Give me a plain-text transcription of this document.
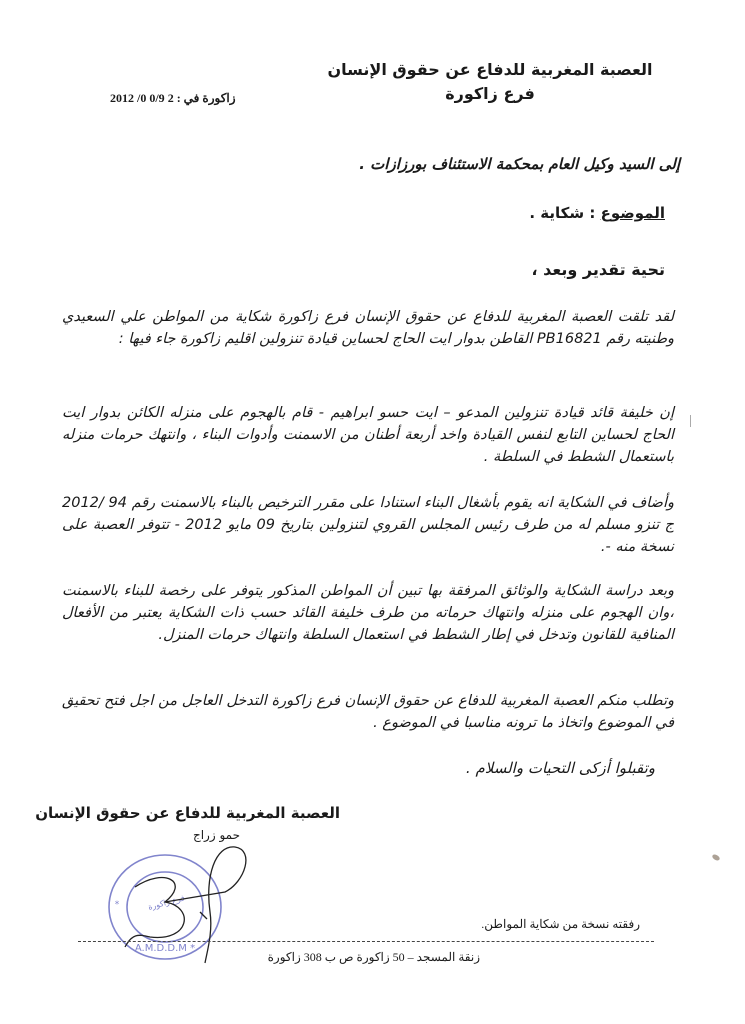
العصبة المغربية للدفاع عن حقوق الإنسان
فرع زاكورة
زاكورة في : 2 0/9 0/ 2012
إلى السيد وكيل العام بمحكمة الاستئناف بورزازات .
الموضوع : شكاية .
تحية تقدير وبعد ،
لقد تلقت العصبة المغربية للدفاع عن حقوق الإنسان فرع زاكورة شكاية من المواطن علي السعيدي وطنيته رقم PB16821 القاطن بدوار ايت الحاج لحساين قيادة تنزولين اقليم زاكورة جاء فيها :
إن خليفة قائد قيادة تنزولين المدعو – ايت حسو ابراهيم - قام بالهجوم على منزله الكائن بدوار ايت الحاج لحساين التابع لنفس القيادة واخد أربعة أطنان من الاسمنت وأدوات البناء ، وانتهك حرمات منزله باستعمال الشطط في السلطة .
وأضاف في الشكاية انه يقوم بأشغال البناء استنادا على مقرر الترخيص بالبناء بالاسمنت رقم 94 /2012 ج تنزو مسلم له من طرف رئيس المجلس القروي لتنزولين بتاريخ 09 مايو 2012 - تتوفر العصبة على نسخة منه -.
وبعد دراسة الشكاية والوثائق المرفقة بها تبين أن المواطن المذكور يتوفر على رخصة للبناء بالاسمنت ،وان الهجوم على منزله وانتهاك حرماته من طرف خليفة القائد حسب ذات الشكاية يعتبر من الأفعال المنافية للقانون وتدخل في إطار الشطط في استعمال السلطة وانتهاك حرمات المنزل.
وتطلب منكم العصبة المغربية للدفاع عن حقوق الإنسان فرع زاكورة التدخل العاجل من اجل فتح تحقيق في الموضوع واتخاذ ما ترونه مناسبا في الموضوع .
وتقبلوا أزكى التحيات والسلام .
العصبة المغربية للدفاع عن حقوق الإنسان
حمو زراج
A.M.D.D.M *
فرع زاكورة
*
رفقته نسخة من شكاية المواطن.
زنقة المسجد – 50 زاكورة ص ب 308 زاكورة
